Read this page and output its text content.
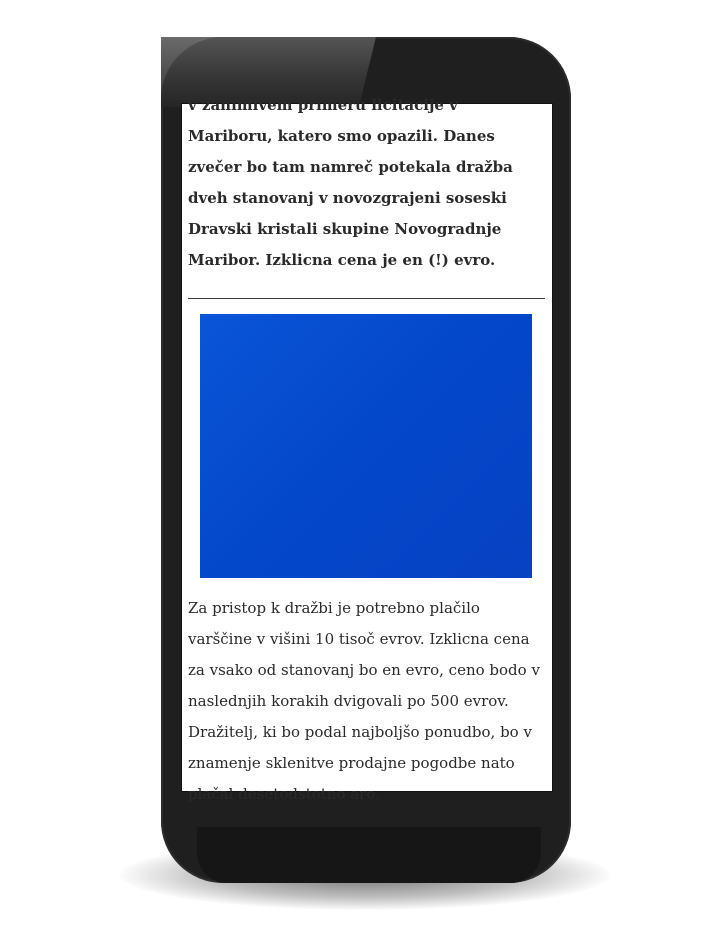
v zanimivem primeru licitacije v
Mariboru, katero smo opazili. Danes zvečer bo tam namreč potekala dražba dveh stanovanj v novozgrajeni soseski Dravski kristali skupine Novogradnje Maribor. Izklicna cena je en (!) evro.

Za pristop k dražbi je potrebno plačilo varščine v višini 10 tisoč evrov. Izklicna cena za vsako od stanovanj bo en evro, ceno bodo v naslednjih korakih dvigovali po 500 evrov. Dražitelj, ki bo podal najboljšo ponudbo, bo v znamenje sklenitve prodajne pogodbe nato plačal desetodstotno aro.
